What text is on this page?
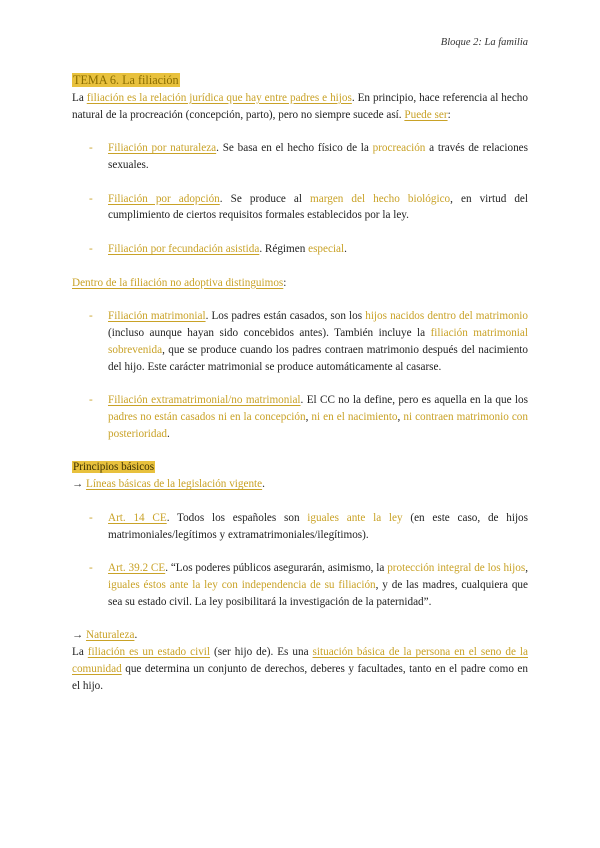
Bloque 2: La familia

TEMA 6. La filiación

La filiación es la relación jurídica que hay entre padres e hijos. En principio, hace referencia al hecho natural de la procreación (concepción, parto), pero no siempre sucede así. Puede ser:

- Filiación por naturaleza. Se basa en el hecho físico de la procreación a través de relaciones sexuales.

- Filiación por adopción. Se produce al margen del hecho biológico, en virtud del cumplimiento de ciertos requisitos formales establecidos por la ley.

- Filiación por fecundación asistida. Régimen especial.

Dentro de la filiación no adoptiva distinguimos:

- Filiación matrimonial. Los padres están casados, son los hijos nacidos dentro del matrimonio (incluso aunque hayan sido concebidos antes). También incluye la filiación matrimonial sobrevenida, que se produce cuando los padres contraen matrimonio después del nacimiento del hijo. Este carácter matrimonial se produce automáticamente al casarse.

- Filiación extramatrimonial/no matrimonial. El CC no la define, pero es aquella en la que los padres no están casados ni en la concepción, ni en el nacimiento, ni contraen matrimonio con posterioridad.

Principios básicos

→ Líneas básicas de la legislación vigente.

- Art. 14 CE. Todos los españoles son iguales ante la ley (en este caso, de hijos matrimoniales/legítimos y extramatrimoniales/ilegítimos).

- Art. 39.2 CE. “Los poderes públicos asegurarán, asimismo, la protección integral de los hijos, iguales éstos ante la ley con independencia de su filiación, y de las madres, cualquiera que sea su estado civil. La ley posibilitará la investigación de la paternidad”.

→ Naturaleza.

La filiación es un estado civil (ser hijo de). Es una situación básica de la persona en el seno de la comunidad que determina un conjunto de derechos, deberes y facultades, tanto en el padre como en el hijo.
